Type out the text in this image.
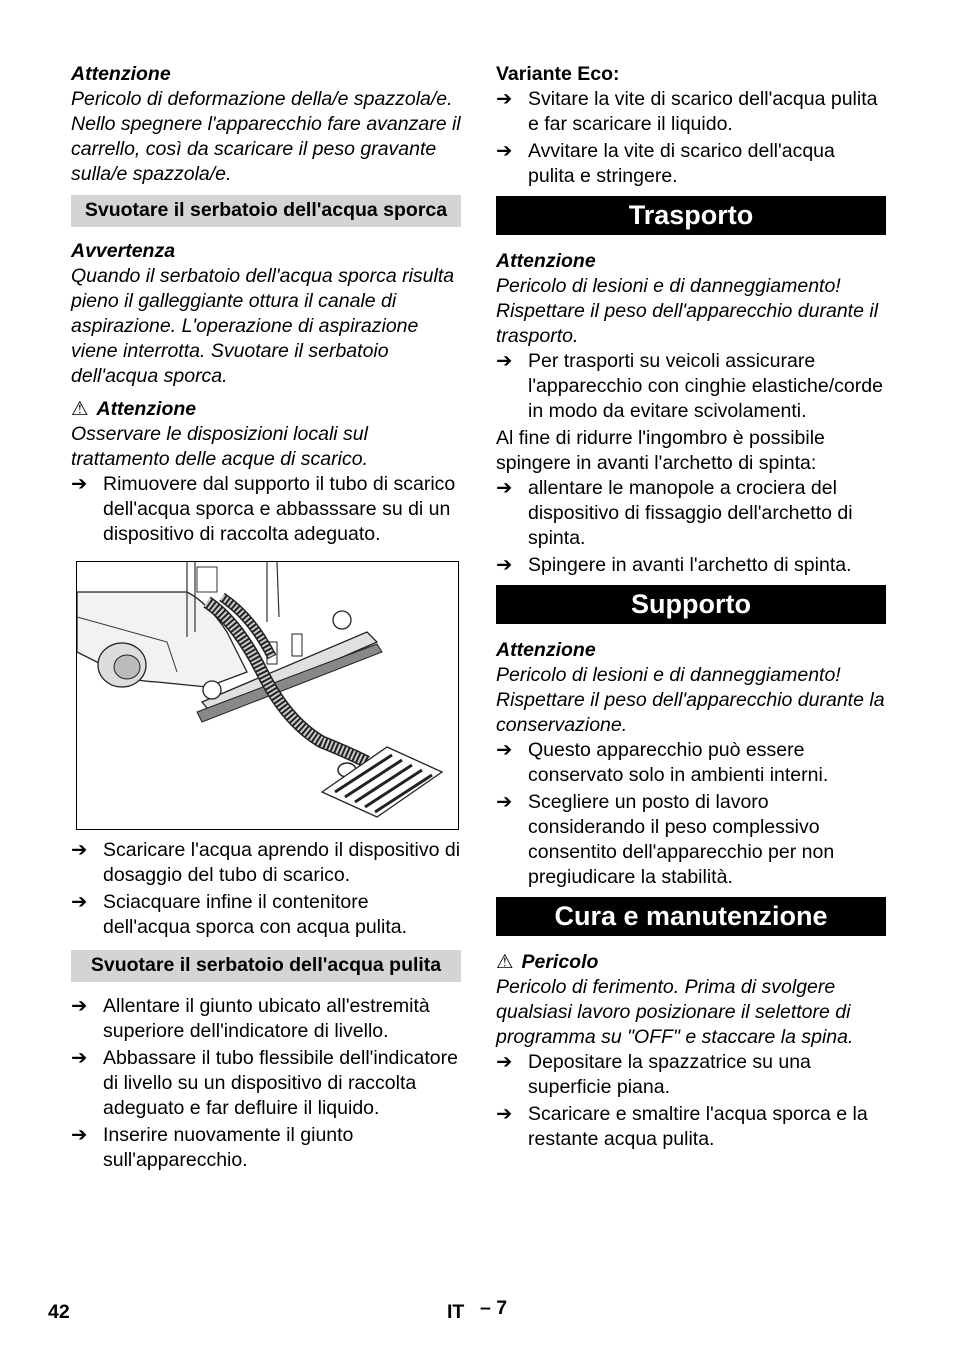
Attenzione

Pericolo di deformazione della/e spazzola/e. Nello spegnere l'apparecchio fare avanzare il carrello, così da scaricare il peso gravante sulla/e spazzola/e.

Svuotare il serbatoio dell'acqua sporca

Avvertenza

Quando il serbatoio dell'acqua sporca risulta pieno il galleggiante ottura il canale di aspirazione. L'operazione di aspirazione viene interrotta. Svuotare il serbatoio dell'acqua sporca.

⚠ Attenzione

Osservare le disposizioni locali sul trattamento delle acque di scarico.

➔ Rimuovere dal supporto il tubo di scarico dell'acqua sporca e abbasssare su di un dispositivo di raccolta adeguato.
➔ Scaricare l'acqua aprendo il dispositivo di dosaggio del tubo di scarico.
➔ Sciacquare infine il contenitore dell'acqua sporca con acqua pulita.
Svuotare il serbatoio dell'acqua pulita
➔ Allentare il giunto ubicato all'estremità superiore dell'indicatore di livello.
➔ Abbassare il tubo flessibile dell'indicatore di livello su un dispositivo di raccolta adeguato e far defluire il liquido.
➔ Inserire nuovamente il giunto sull'apparecchio.

Variante Eco:

➔ Svitare la vite di scarico dell'acqua pulita e far scaricare il liquido.
➔ Avvitare la vite di scarico dell'acqua pulita e stringere.
Trasporto

Attenzione

Pericolo di lesioni e di danneggiamento! Rispettare il peso dell'apparecchio durante il trasporto.

➔ Per trasporti su veicoli assicurare l'apparecchio con cinghie elastiche/corde in modo da evitare scivolamenti.

Al fine di ridurre l'ingombro è possibile spingere in avanti l'archetto di spinta:

➔ allentare le manopole a crociera del dispositivo di fissaggio dell'archetto di spinta.
➔ Spingere in avanti l'archetto di spinta.
Supporto

Attenzione

Pericolo di lesioni e di danneggiamento! Rispettare il peso dell'apparecchio durante la conservazione.

➔ Questo apparecchio può essere conservato solo in ambienti interni.
➔ Scegliere un posto di lavoro considerando il peso complessivo consentito dell'apparecchio per non pregiudicare la stabilità.
Cura e manutenzione

⚠ Pericolo

Pericolo di ferimento. Prima di svolgere qualsiasi lavoro posizionare il selettore di programma su "OFF" e staccare la spina.

➔ Depositare la spazzatrice su una superficie piana.
➔ Scaricare e smaltire l'acqua sporca e la restante acqua pulita.
42	IT – 7
